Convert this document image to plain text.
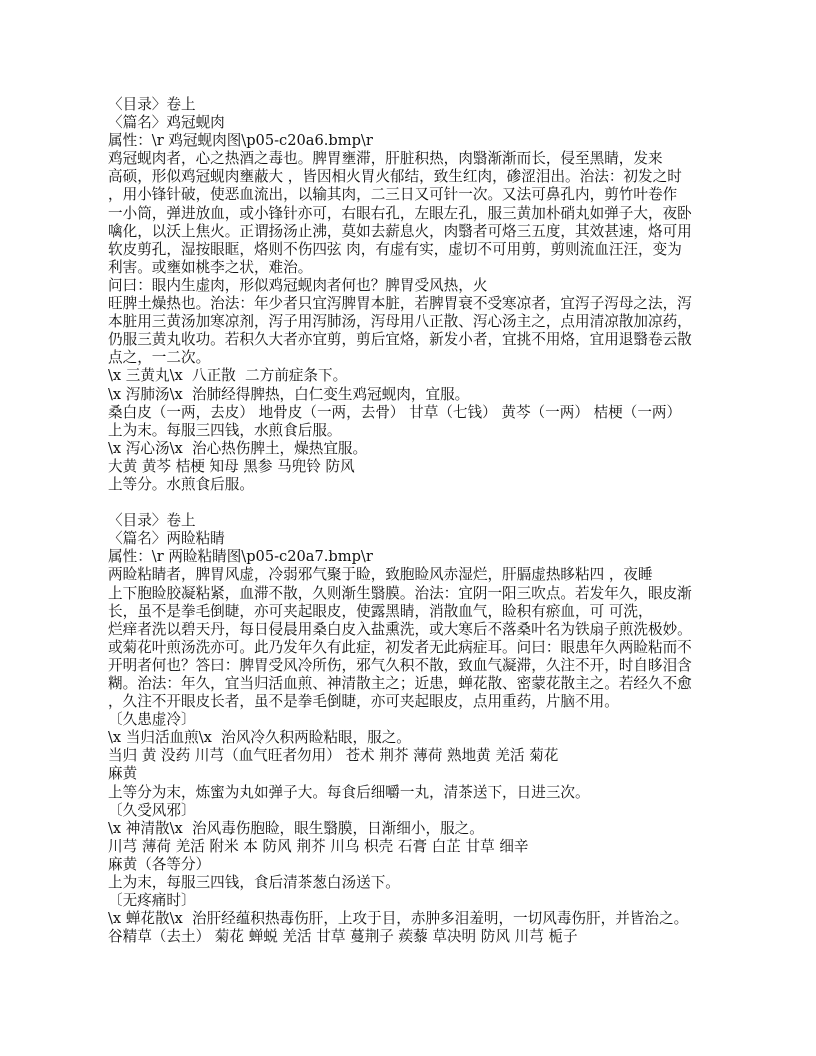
〈目录〉卷上
〈篇名〉鸡冠蚬肉
属性：\r 鸡冠蚬肉图\p05-c20a6.bmp\r
鸡冠蚬肉者，心之热酒之毒也。脾胃壅滞，肝脏积热，肉翳渐渐而长，侵至黑睛，发来
高硕，形似鸡冠蚬肉壅蔽大 ，皆因相火胃火郁结，致生红肉，碜涩泪出。治法：初发之时
，用小锋针破，使恶血流出，以输其肉，二三日又可针一次。又法可鼻孔内，剪竹叶卷作
一小筒，弹进放血，或小锋针亦可，右眼右孔，左眼左孔，服三黄加朴硝丸如弹子大，夜卧
噙化，以沃上焦火。正谓扬汤止沸，莫如去薪息火，肉翳者可烙三五度，其效甚速，烙可用
软皮剪孔，湿按眼眶，烙则不伤四弦 肉，有虚有实，虚切不可用剪，剪则流血汪汪，变为
利害。或壅如桃李之状，难治。
问曰：眼内生虚肉，形似鸡冠蚬肉者何也？脾胃受风热，火
旺脾土燥热也。治法：年少者只宜泻脾胃本脏，若脾胃衰不受寒凉者，宜泻子泻母之法，泻
本脏用三黄汤加寒凉剂，泻子用泻肺汤，泻母用八正散、泻心汤主之，点用清凉散加凉药，
仍服三黄丸收功。若积久大者亦宜剪，剪后宜烙，新发小者，宜挑不用烙，宜用退翳卷云散
点之，一二次。
\x 三黄丸\x  八正散  二方前症条下。
\x 泻肺汤\x  治肺经得脾热，白仁变生鸡冠蚬肉，宜服。
桑白皮（一两，去皮） 地骨皮（一两，去骨） 甘草（七钱） 黄芩（一两） 桔梗（一两）
上为末。每服三四钱，水煎食后服。
\x 泻心汤\x  治心热伤脾土，燥热宜服。
大黄 黄芩 桔梗 知母 黑参 马兜铃 防风
上等分。水煎食后服。
〈目录〉卷上
〈篇名〉两睑粘睛
属性：\r 两睑粘睛图\p05-c20a7.bmp\r
两睑粘睛者，脾胃风虚，冷弱邪气聚于睑，致胞睑风赤湿烂，肝膈虚热眵粘四 ，夜睡
上下胞睑胶凝粘紧，血滞不散，久则渐生翳膜。治法：宜阴一阳三吹点。若发年久，眼皮渐
长，虽不是拳毛倒睫，亦可夹起眼皮，使露黑睛，消散血气，睑积有瘀血，可 可洗，
烂痒者洗以碧天丹，每日侵晨用桑白皮入盐熏洗，或大寒后不落桑叶名为铁扇子煎洗极妙。
或菊花叶煎汤洗亦可。此乃发年久有此症，初发者无此病症耳。问曰：眼患年久两睑粘而不
开明者何也？答曰：脾胃受风冷所伤，邪气久积不散，致血气凝滞，久注不开，时自眵泪含
糊。治法：年久，宜当归活血煎、神清散主之；近患，蝉花散、密蒙花散主之。若经久不愈
，久注不开眼皮长者，虽不是拳毛倒睫，亦可夹起眼皮，点用重药，片脑不用。
〔久患虚冷〕
\x 当归活血煎\x  治风冷久积两睑粘眼，服之。
当归 黄 没药 川芎（血气旺者勿用） 苍术 荆芥 薄荷 熟地黄 羌活 菊花
麻黄
上等分为末，炼蜜为丸如弹子大。每食后细嚼一丸，清茶送下，日进三次。
〔久受风邪〕
\x 神清散\x  治风毒伤胞睑，眼生翳膜，日渐细小，服之。
川芎 薄荷 羌活 附米 本 防风 荆芥 川乌 枳壳 石膏 白芷 甘草 细辛
麻黄（各等分）
上为末，每服三四钱，食后清茶葱白汤送下。
〔无疼痛时〕
\x 蝉花散\x  治肝经蕴积热毒伤肝，上攻于目，赤肿多泪羞明，一切风毒伤肝，并皆治之。
谷精草（去土） 菊花 蝉蜕 羌活 甘草 蔓荆子 蒺藜 草决明 防风 川芎 栀子
